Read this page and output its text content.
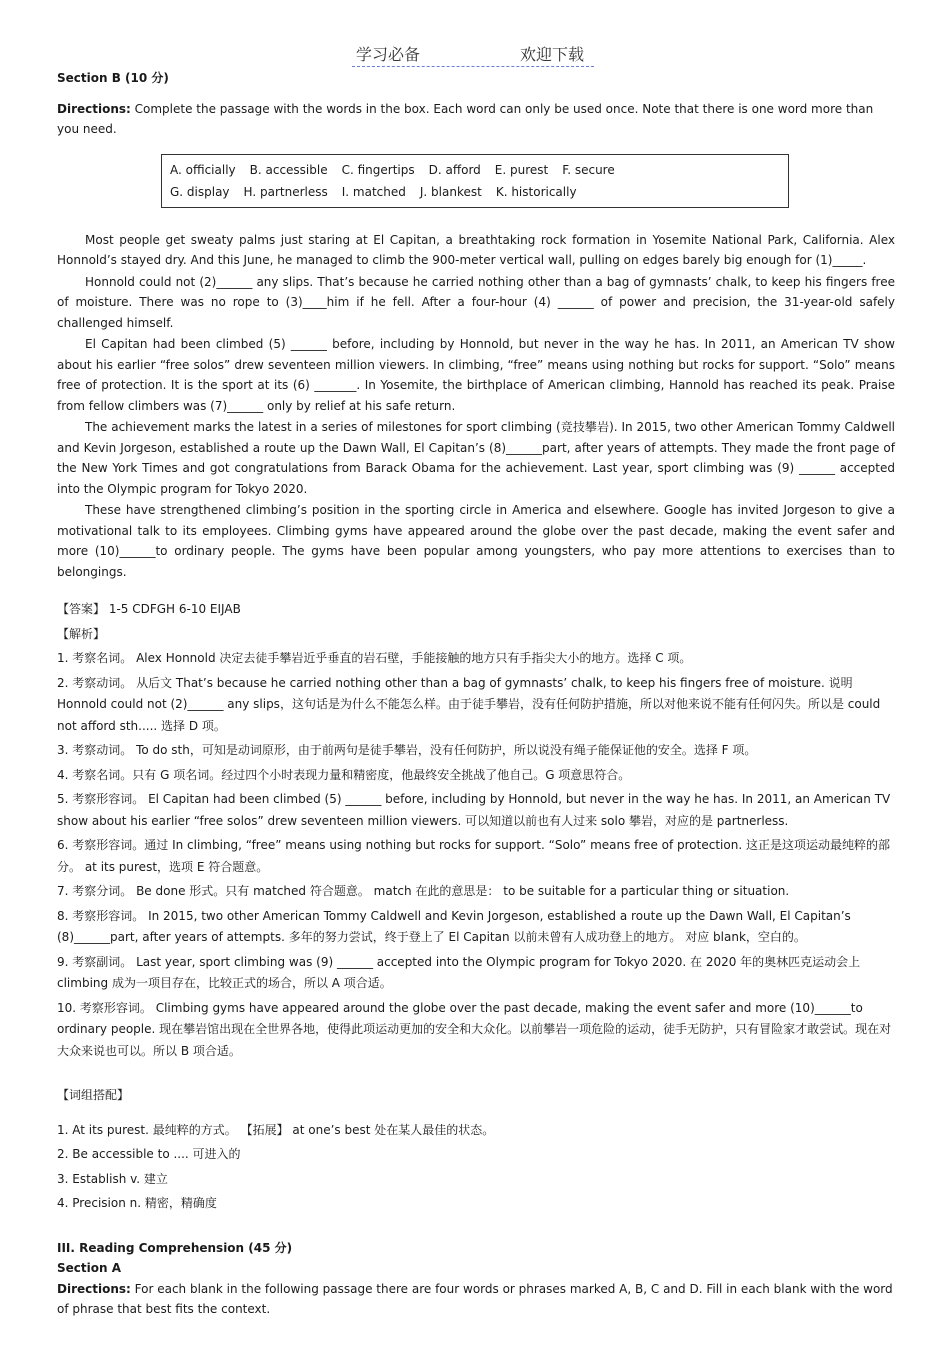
学习必备	欢迎下载

Section B (10 分)

Directions: Complete the passage with the words in the box. Each word can only be used once. Note that there is one word more than you need.

A. officially B. accessible C. fingertips D. afford E. purest F. secure
G. display H. partnerless I. matched J. blankest K. historically

Most people get sweaty palms just staring at El Capitan, a breathtaking rock formation in Yosemite National Park, California. Alex Honnold’s stayed dry. And this June, he managed to climb the 900-meter vertical wall, pulling on edges barely big enough for (1)_____.

Honnold could not (2)______ any slips. That’s because he carried nothing other than a bag of gymnasts’ chalk, to keep his fingers free of moisture. There was no rope to (3)____him if he fell. After a four-hour (4) ______ of power and precision, the 31-year-old safely challenged himself.

El Capitan had been climbed (5) ______ before, including by Honnold, but never in the way he has. In 2011, an American TV show about his earlier “free solos” drew seventeen million viewers. In climbing, “free” means using nothing but rocks for support. “Solo” means free of protection. It is the sport at its (6) _______. In Yosemite, the birthplace of American climbing, Hannold has reached its peak. Praise from fellow climbers was (7)______ only by relief at his safe return.

The achievement marks the latest in a series of milestones for sport climbing (竞技攀岩). In 2015, two other American Tommy Caldwell and Kevin Jorgeson, established a route up the Dawn Wall, El Capitan’s (8)______part, after years of attempts. They made the front page of the New York Times and got congratulations from Barack Obama for the achievement. Last year, sport climbing was (9) ______ accepted into the Olympic program for Tokyo 2020.

These have strengthened climbing’s position in the sporting circle in America and elsewhere. Google has invited Jorgeson to give a motivational talk to its employees. Climbing gyms have appeared around the globe over the past decade, making the event safer and more (10)______to ordinary people. The gyms have been popular among youngsters, who pay more attentions to exercises than to belongings.

【答案】 1-5 CDFGH 6-10 EIJAB

【解析】

1. 考察名词。 Alex Honnold 决定去徒手攀岩近乎垂直的岩石壁，手能接触的地方只有手指尖大小的地方。选择 C 项。

2. 考察动词。 从后文 That’s because he carried nothing other than a bag of gymnasts’ chalk, to keep his fingers free of moisture. 说明 Honnold could not (2)______ any slips，这句话是为什么不能怎么样。由于徒手攀岩，没有任何防护措施，所以对他来说不能有任何闪失。所以是 could not afford sth..... 选择 D 项。

3. 考察动词。 To do sth，可知是动词原形，由于前两句是徒手攀岩，没有任何防护，所以说没有绳子能保证他的安全。选择 F 项。

4. 考察名词。只有 G 项名词。经过四个小时表现力量和精密度，他最终安全挑战了他自己。G 项意思符合。

5. 考察形容词。 El Capitan had been climbed (5) ______ before, including by Honnold, but never in the way he has. In 2011, an American TV show about his earlier “free solos” drew seventeen million viewers. 可以知道以前也有人过来 solo 攀岩，对应的是 partnerless.

6. 考察形容词。通过 In climbing, “free” means using nothing but rocks for support. “Solo” means free of protection. 这正是这项运动最纯粹的部分。 at its purest，选项 E 符合题意。

7. 考察分词。 Be done 形式。只有 matched 符合题意。 match 在此的意思是： to be suitable for a particular thing or situation.

8. 考察形容词。 In 2015, two other American Tommy Caldwell and Kevin Jorgeson, established a route up the Dawn Wall, El Capitan’s (8)______part, after years of attempts. 多年的努力尝试，终于登上了 El Capitan 以前未曾有人成功登上的地方。 对应 blank，空白的。

9. 考察副词。 Last year, sport climbing was (9) ______ accepted into the Olympic program for Tokyo 2020. 在 2020 年的奥林匹克运动会上 climbing 成为一项目存在，比较正式的场合，所以 A 项合适。

10. 考察形容词。 Climbing gyms have appeared around the globe over the past decade, making the event safer and more (10)______to ordinary people. 现在攀岩馆出现在全世界各地，使得此项运动更加的安全和大众化。以前攀岩一项危险的运动，徒手无防护，只有冒险家才敢尝试。现在对大众来说也可以。所以 B 项合适。

【词组搭配】

1. At its purest. 最纯粹的方式。 【拓展】 at one’s best 处在某人最佳的状态。

2. Be accessible to .... 可进入的

3. Establish v. 建立

4. Precision n. 精密，精确度

III. Reading Comprehension (45 分)

Section A

Directions: For each blank in the following passage there are four words or phrases marked A, B, C and D. Fill in each blank with the word of phrase that best fits the context.
